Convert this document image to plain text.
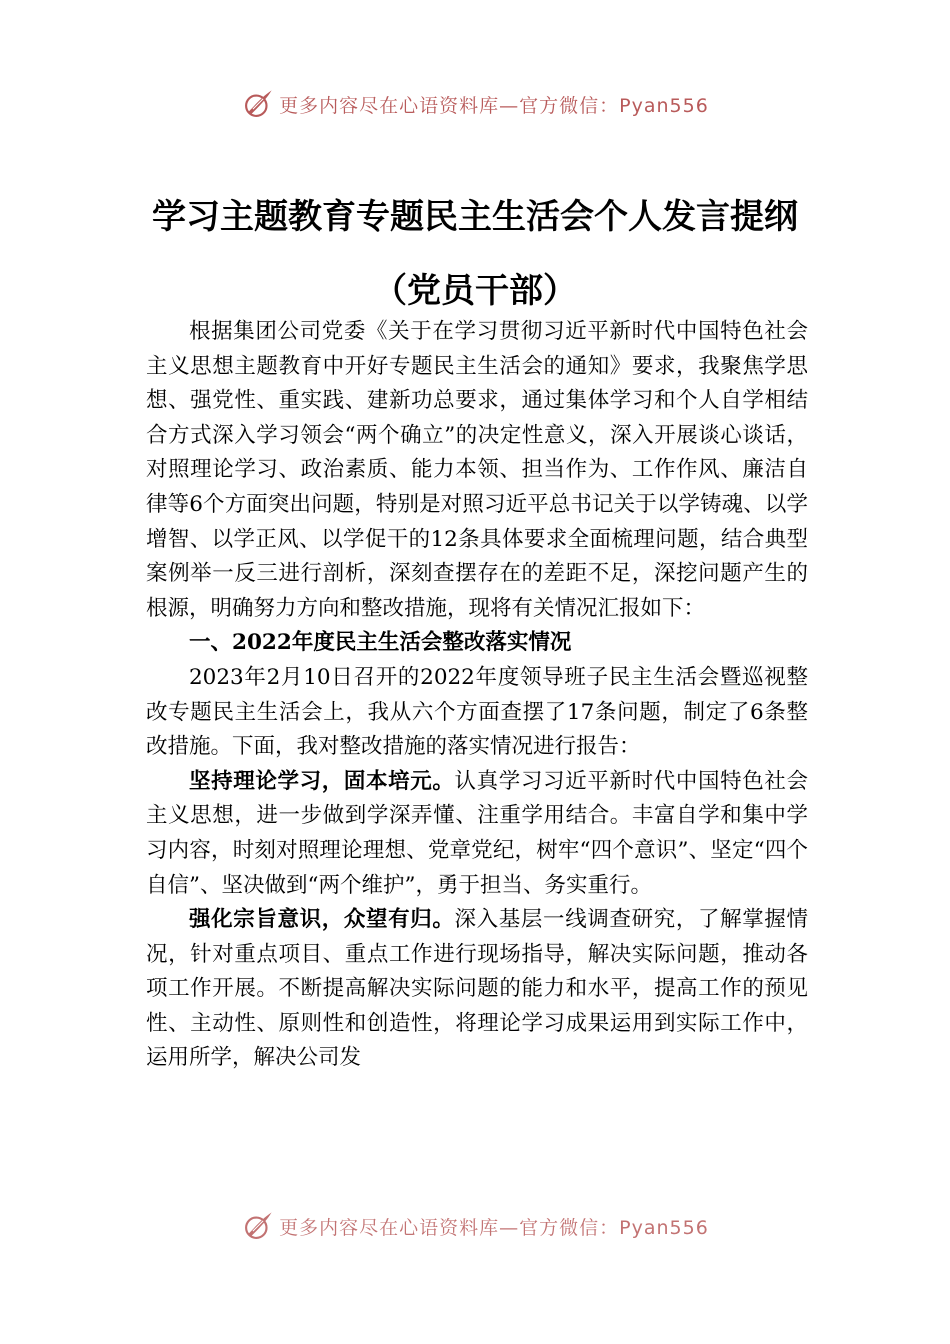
更多内容尽在心语资料库—官方微信：Pyan556
学习主题教育专题民主生活会个人发言提纲（党员干部）

根据集团公司党委《关于在学习贯彻习近平新时代中国特色社会主义思想主题教育中开好专题民主生活会的通知》要求，我聚焦学思想、强党性、重实践、建新功总要求，通过集体学习和个人自学相结合方式深入学习领会“两个确立”的决定性意义，深入开展谈心谈话，对照理论学习、政治素质、能力本领、担当作为、工作作风、廉洁自律等6个方面突出问题，特别是对照习近平总书记关于以学铸魂、以学增智、以学正风、以学促干的12条具体要求全面梳理问题，结合典型案例举一反三进行剖析，深刻查摆存在的差距不足，深挖问题产生的根源，明确努力方向和整改措施，现将有关情况汇报如下：

一、2022年度民主生活会整改落实情况

2023年2月10日召开的2022年度领导班子民主生活会暨巡视整改专题民主生活会上，我从六个方面查摆了17条问题，制定了6条整改措施。下面，我对整改措施的落实情况进行报告：

坚持理论学习，固本培元。认真学习习近平新时代中国特色社会主义思想，进一步做到学深弄懂、注重学用结合。丰富自学和集中学习内容，时刻对照理论理想、党章党纪，树牢“四个意识”、坚定“四个自信”、坚决做到“两个维护”，勇于担当、务实重行。

强化宗旨意识，众望有归。深入基层一线调查研究，了解掌握情况，针对重点项目、重点工作进行现场指导，解决实际问题，推动各项工作开展。不断提高解决实际问题的能力和水平，提高工作的预见性、主动性、原则性和创造性，将理论学习成果运用到实际工作中，运用所学，解决公司发

更多内容尽在心语资料库—官方微信：Pyan556
